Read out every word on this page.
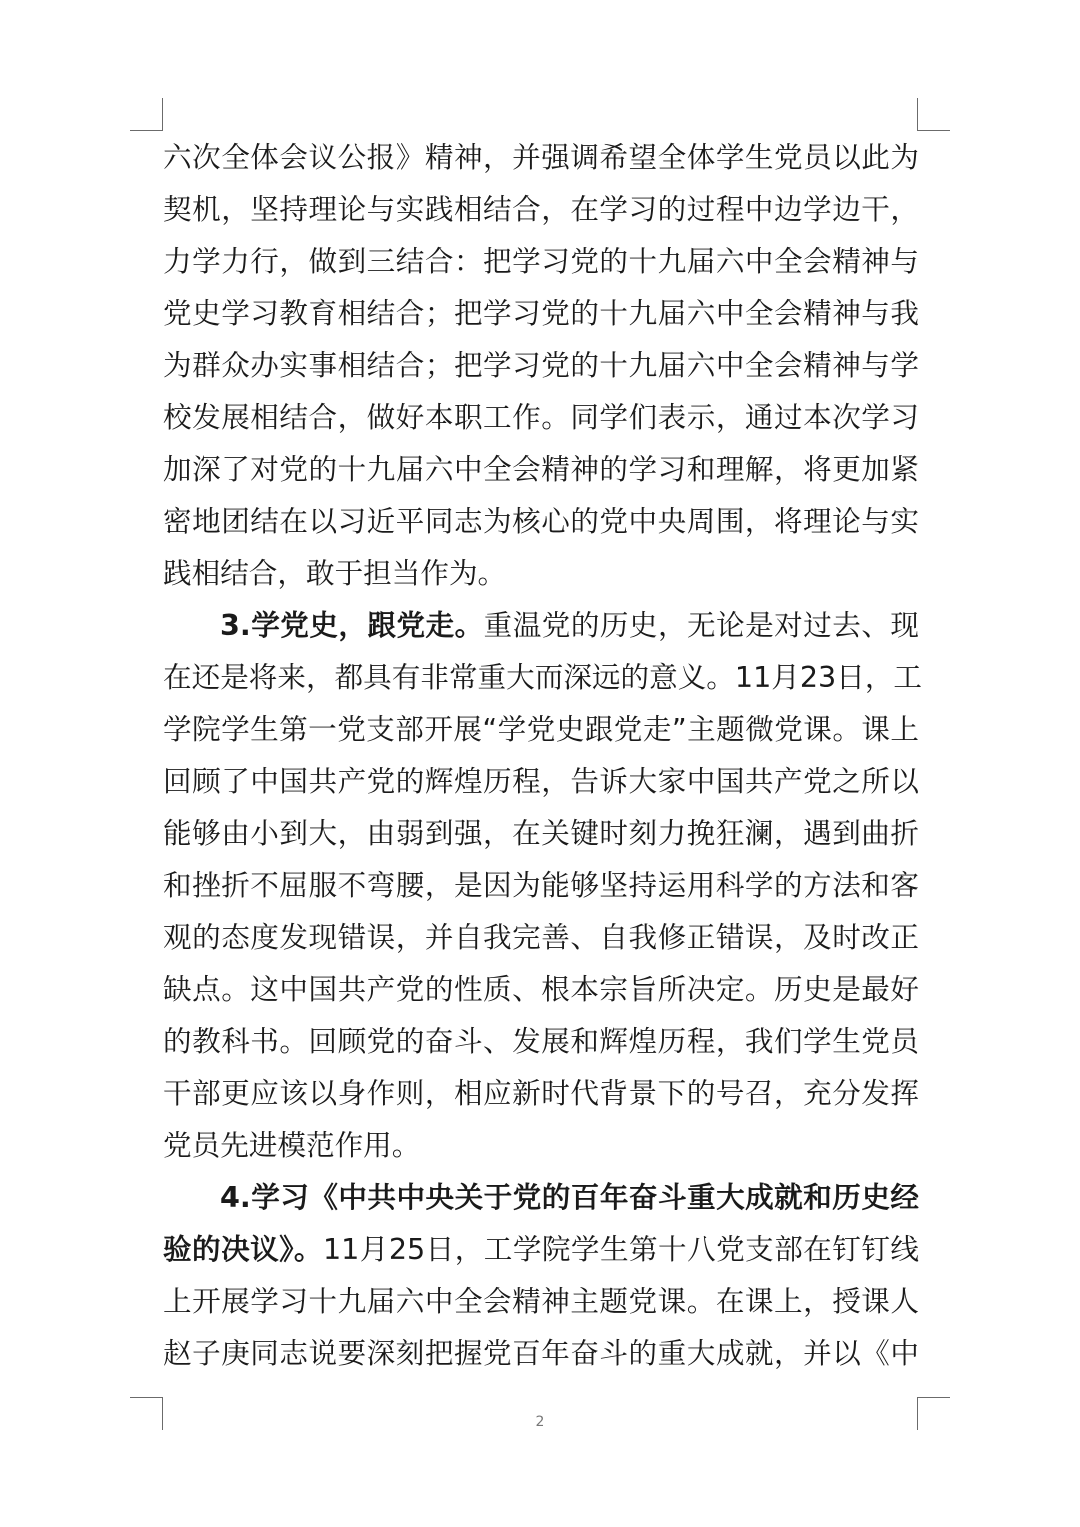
六次全体会议公报》精神，并强调希望全体学生党员以此为
契机，坚持理论与实践相结合，在学习的过程中边学边干，
力学力行，做到三结合：把学习党的十九届六中全会精神与
党史学习教育相结合；把学习党的十九届六中全会精神与我
为群众办实事相结合；把学习党的十九届六中全会精神与学
校发展相结合，做好本职工作。同学们表示，通过本次学习
加深了对党的十九届六中全会精神的学习和理解，将更加紧
密地团结在以习近平同志为核心的党中央周围，将理论与实
践相结合，敢于担当作为。
3.学党史，跟党走。重温党的历史，无论是对过去、现
在还是将来，都具有非常重大而深远的意义。11月23日，工
学院学生第一党支部开展“学党史跟党走”主题微党课。课上
回顾了中国共产党的辉煌历程，告诉大家中国共产党之所以
能够由小到大，由弱到强，在关键时刻力挽狂澜，遇到曲折
和挫折不屈服不弯腰，是因为能够坚持运用科学的方法和客
观的态度发现错误，并自我完善、自我修正错误，及时改正
缺点。这中国共产党的性质、根本宗旨所决定。历史是最好
的教科书。回顾党的奋斗、发展和辉煌历程，我们学生党员
干部更应该以身作则，相应新时代背景下的号召，充分发挥
党员先进模范作用。
4.学习《中共中央关于党的百年奋斗重大成就和历史经
验的决议》。11月25日，工学院学生第十八党支部在钉钉线
上开展学习十九届六中全会精神主题党课。在课上，授课人
赵子庚同志说要深刻把握党百年奋斗的重大成就，并以《中
2
